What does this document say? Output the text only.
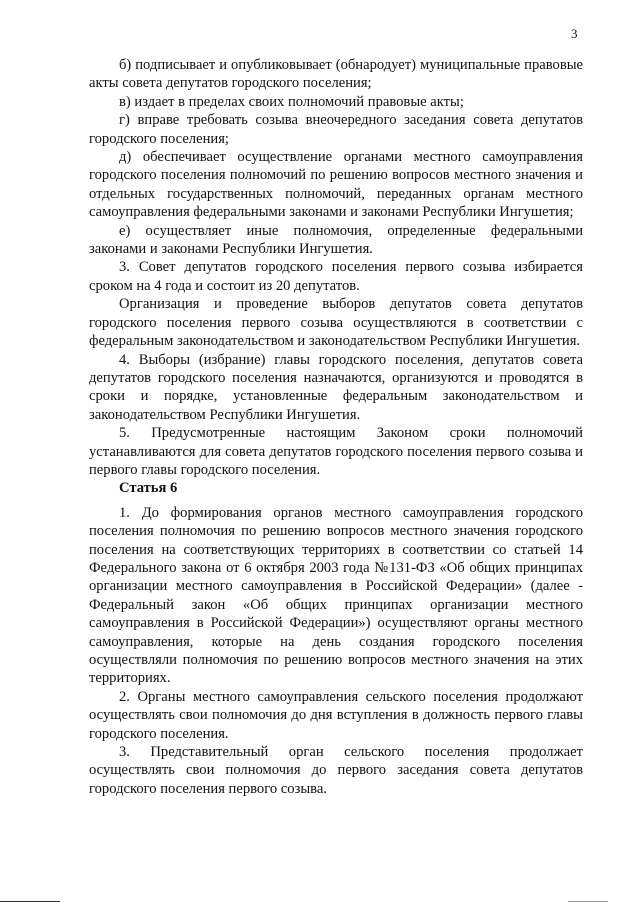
3

б) подписывает и опубликовывает (обнародует) муниципальные правовые акты совета депутатов городского поселения;

в) издает в пределах своих полномочий правовые акты;

г) вправе требовать созыва внеочередного заседания совета депутатов городского поселения;

д) обеспечивает осуществление органами местного самоуправления городского поселения полномочий по решению вопросов местного значения и отдельных государственных полномочий, переданных органам местного самоуправления федеральными законами и законами Республики Ингушетия;

е) осуществляет иные полномочия, определенные федеральными законами и законами Республики Ингушетия.

3. Совет депутатов городского поселения первого созыва избирается сроком на 4 года и состоит из 20 депутатов.

Организация и проведение выборов депутатов совета депутатов городского поселения первого созыва осуществляются в соответствии с федеральным законодательством и законодательством Республики Ингушетия.

4. Выборы (избрание) главы городского поселения, депутатов совета депутатов городского поселения назначаются, организуются и проводятся в сроки и порядке, установленные федеральным законодательством и законодательством Республики Ингушетия.

5. Предусмотренные настоящим Законом сроки полномочий устанавливаются для совета депутатов городского поселения первого созыва и первого главы городского поселения.

Статья 6

1. До формирования органов местного самоуправления городского поселения полномочия по решению вопросов местного значения городского поселения на соответствующих территориях в соответствии со статьей 14 Федерального закона от 6 октября 2003 года №131-ФЗ «Об общих принципах организации местного самоуправления в Российской Федерации» (далее - Федеральный закон «Об общих принципах организации местного самоуправления в Российской Федерации») осуществляют органы местного самоуправления, которые на день создания городского поселения осуществляли полномочия по решению вопросов местного значения на этих территориях.

2. Органы местного самоуправления сельского поселения продолжают осуществлять свои полномочия до дня вступления в должность первого главы городского поселения.

3. Представительный орган сельского поселения продолжает осуществлять свои полномочия до первого заседания совета депутатов городского поселения первого созыва.
